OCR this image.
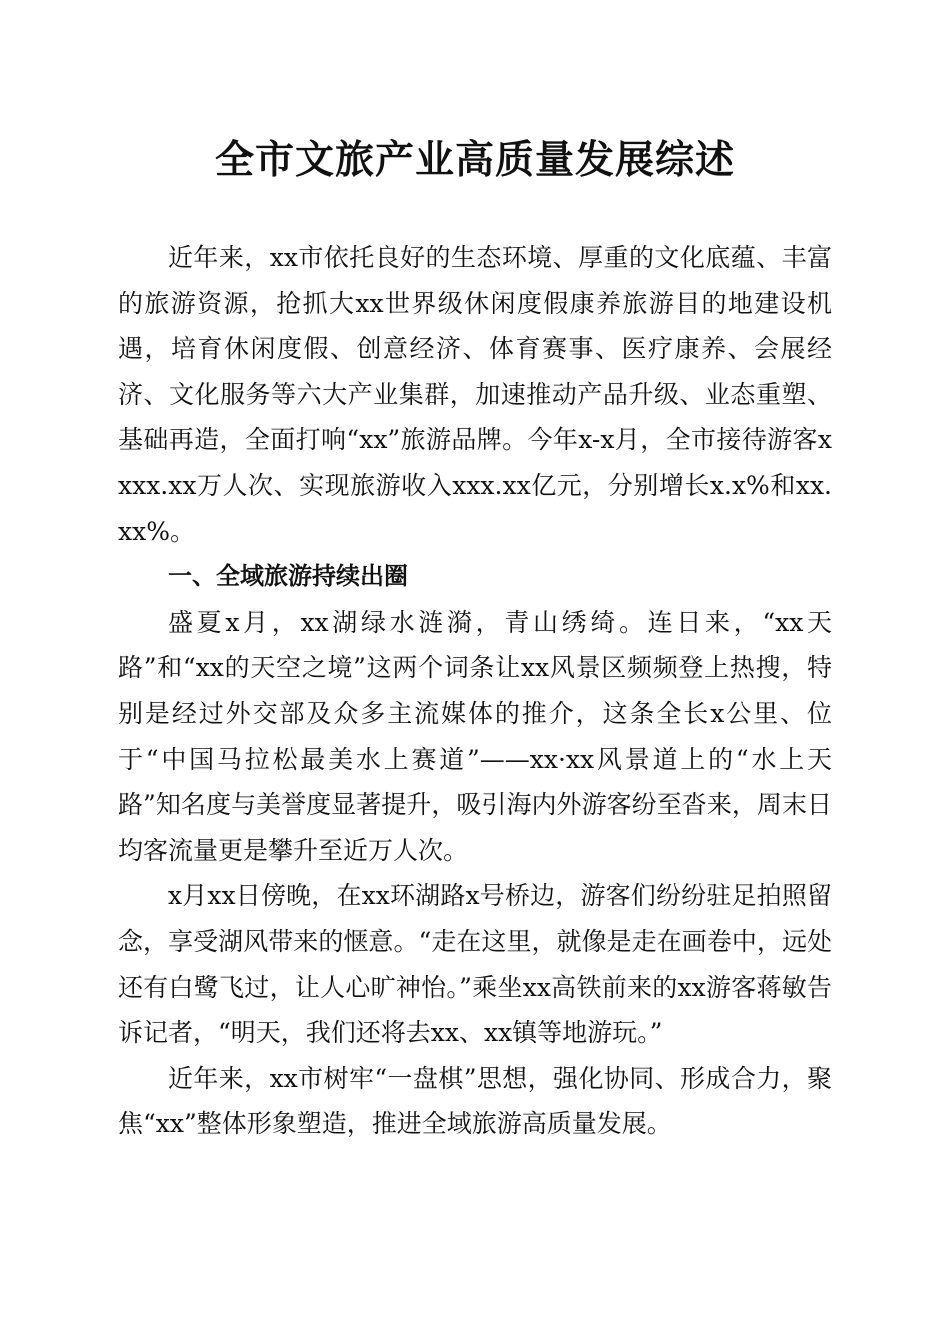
全市文旅产业高质量发展综述

近年来，xx市依托良好的生态环境、厚重的文化底蕴、丰富的旅游资源，抢抓大xx世界级休闲度假康养旅游目的地建设机遇，培育休闲度假、创意经济、体育赛事、医疗康养、会展经济、文化服务等六大产业集群，加速推动产品升级、业态重塑、基础再造，全面打响“xx”旅游品牌。今年x-x月，全市接待游客xxxx.xx万人次、实现旅游收入xxx.xx亿元，分别增长x.x%和xx.xx%。

一、全域旅游持续出圈

盛夏x月，xx湖绿水涟漪，青山绣绮。连日来，“xx天路”和“xx的天空之境”这两个词条让xx风景区频频登上热搜，特别是经过外交部及众多主流媒体的推介，这条全长x公里、位于“中国马拉松最美水上赛道”——xx·xx风景道上的“水上天路”知名度与美誉度显著提升，吸引海内外游客纷至沓来，周末日均客流量更是攀升至近万人次。

x月xx日傍晚，在xx环湖路x号桥边，游客们纷纷驻足拍照留念，享受湖风带来的惬意。“走在这里，就像是走在画卷中，远处还有白鹭飞过，让人心旷神怡。”乘坐xx高铁前来的xx游客蒋敏告诉记者，“明天，我们还将去xx、xx镇等地游玩。”

近年来，xx市树牢“一盘棋”思想，强化协同、形成合力，聚焦“xx”整体形象塑造，推进全域旅游高质量发展。
